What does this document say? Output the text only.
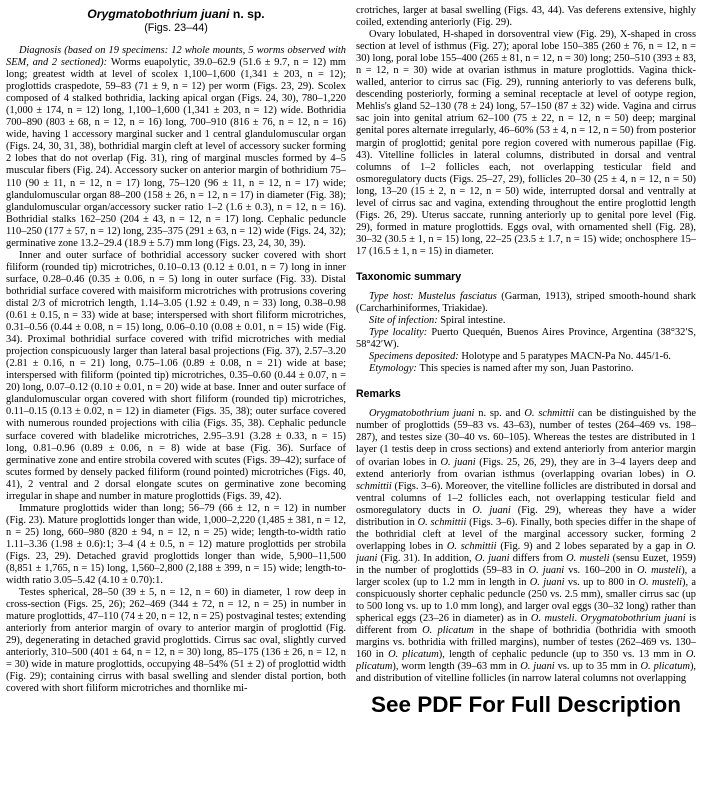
Orygmatobothrium juani n. sp.
(Figs. 23–44)

Diagnosis (based on 19 specimens: 12 whole mounts, 5 worms observed with SEM, and 2 sectioned): Worms euapolytic, 39.0–62.9 (51.6 ± 9.7, n = 12) mm long; greatest width at level of scolex 1,100–1,600 (1,341 ± 203, n = 12); proglottids craspedote, 59–83 (71 ± 9, n = 12) per worm (Figs. 23, 29). Scolex composed of 4 stalked bothridia, lacking apical organ (Figs. 24, 30), 780–1,220 (1,000 ± 174, n = 12) long, 1,100–1,600 (1,341 ± 203, n = 12) wide. Bothridia 700–890 (803 ± 68, n = 12, n = 16) long, 700–910 (816 ± 76, n = 12, n = 16) wide, having 1 accessory marginal sucker and 1 central glandulomuscular organ (Figs. 24, 30, 31, 38), bothridial margin cleft at level of accessory sucker forming 2 lobes that do not overlap (Fig. 31), ring of marginal muscles formed by 4–5 muscular fibers (Fig. 24). Accessory sucker on anterior margin of bothridium 75–110 (90 ± 11, n = 12, n = 17) long, 75–120 (96 ± 11, n = 12, n = 17) wide; glandulomuscular organ 88–200 (158 ± 26, n = 12, n = 17) in diameter (Fig. 38); glandulomuscular organ/accessory sucker ratio 1–2 (1.6 ± 0.3), n = 12, n = 16). Bothridial stalks 162–250 (204 ± 43, n = 12, n = 17) long. Cephalic peduncle 110–250 (177 ± 57, n = 12) long, 235–375 (291 ± 63, n = 12) wide (Figs. 24, 32); germinative zone 13.2–29.4 (18.9 ± 5.7) mm long (Figs. 23, 24, 30, 39).

Inner and outer surface of bothridial accessory sucker covered with short filiform (rounded tip) microtriches, 0.10–0.13 (0.12 ± 0.01, n = 7) long in inner surface, 0.28–0.46 (0.35 ± 0.06, n = 5) long in outer surface (Fig. 33). Distal bothridial surface covered with maisiform microtriches with protrusions covering distal 2/3 of microtrich length, 1.14–3.05 (1.92 ± 0.49, n = 33) long, 0.38–0.98 (0.61 ± 0.15, n = 33) wide at base; interspersed with short filiform microtriches, 0.31–0.56 (0.44 ± 0.08, n = 15) long, 0.06–0.10 (0.08 ± 0.01, n = 15) wide (Fig. 34). Proximal bothridial surface covered with trifid microtriches with medial projection conspicuously larger than lateral basal projections (Fig. 37), 2.57–3.20 (2.81 ± 0.16, n = 21) long, 0.75–1.06 (0.89 ± 0.08, n = 21) wide at base; interspersed with filiform (pointed tip) microtriches, 0.35–0.60 (0.44 ± 0.07, n = 20) long, 0.07–0.12 (0.10 ± 0.01, n = 20) wide at base. Inner and outer surface of glandulomuscular organ covered with short filiform (rounded tip) microtriches, 0.11–0.15 (0.13 ± 0.02, n = 12) in diameter (Figs. 35, 38); outer surface covered with numerous rounded projections with cilia (Figs. 35, 38). Cephalic peduncle surface covered with bladelike microtriches, 2.95–3.91 (3.28 ± 0.33, n = 15) long, 0.81–0.96 (0.89 ± 0.06, n = 8) wide at base (Fig. 36). Surface of germinative zone and entire strobila covered with scutes (Figs. 39–42); surface of scutes formed by densely packed filiform (round pointed) microtriches (Figs. 40, 41), 2 ventral and 2 dorsal elongate scutes on germinative zone becoming irregular in shape and number in mature proglottids (Figs. 39, 42).

Immature proglottids wider than long; 56–79 (66 ± 12, n = 12) in number (Fig. 23). Mature proglottids longer than wide, 1,000–2,220 (1,485 ± 381, n = 12, n = 25) long, 660–980 (820 ± 94, n = 12, n = 25) wide; length-to-width ratio 1.11–3.36 (1.98 ± 0.6):1; 3–4 (4 ± 0.5, n = 12) mature proglottids per strobila (Figs. 23, 29). Detached gravid proglottids longer than wide, 5,900–11,500 (8,851 ± 1,765, n = 15) long, 1,560–2,800 (2,188 ± 399, n = 15) wide; length-to-width ratio 3.05–5.42 (4.10 ± 0.70):1.

Testes spherical, 28–50 (39 ± 5, n = 12, n = 60) in diameter, 1 row deep in cross-section (Figs. 25, 26); 262–469 (344 ± 72, n = 12, n = 25) in number in mature proglottids, 47–110 (74 ± 20, n = 12, n = 25) postvaginal testes; extending anteriorly from anterior margin of ovary to anterior margin of proglottid (Fig. 29), degenerating in detached gravid proglottids. Cirrus sac oval, slightly curved anteriorly, 310–500 (401 ± 64, n = 12, n = 30) long, 85–175 (136 ± 26, n = 12, n = 30) wide in mature proglottids, occupying 48–54% (51 ± 2) of proglottid width (Fig. 29); containing cirrus with basal swelling and slender distal portion, both covered with short filiform microtriches and thornlike mi-

crotriches, larger at basal swelling (Figs. 43, 44). Vas deferens extensive, highly coiled, extending anteriorly (Fig. 29).

Ovary lobulated, H-shaped in dorsoventral view (Fig. 29), X-shaped in cross section at level of isthmus (Fig. 27); aporal lobe 150–385 (260 ± 76, n = 12, n = 30) long, poral lobe 155–400 (265 ± 81, n = 12, n = 30) long; 250–510 (393 ± 83, n = 12, n = 30) wide at ovarian isthmus in mature proglottids. Vagina thick-walled, anterior to cirrus sac (Fig. 29), running anteriorly to vas deferens bulk, descending posteriorly, forming a seminal receptacle at level of ootype region, Mehlis's gland 52–130 (78 ± 24) long, 57–150 (87 ± 32) wide. Vagina and cirrus sac join into genital atrium 62–100 (75 ± 22, n = 12, n = 50) deep; marginal genital pores alternate irregularly, 46–60% (53 ± 4, n = 12, n = 50) from posterior margin of proglottid; genital pore region covered with numerous papillae (Fig. 43). Vitelline follicles in lateral columns, distributed in dorsal and ventral columns of 1–2 follicles each, not overlapping testicular field and osmoregulatory ducts (Figs. 25–27, 29), follicles 20–30 (25 ± 4, n = 12, n = 50) long, 13–20 (15 ± 2, n = 12, n = 50) wide, interrupted dorsal and ventrally at level of cirrus sac and vagina, extending throughout the entire proglottid length (Figs. 26, 29). Uterus saccate, running anteriorly up to genital pore level (Fig. 29), formed in mature proglottids. Eggs oval, with ornamented shell (Fig. 28), 30–32 (30.5 ± 1, n = 15) long, 22–25 (23.5 ± 1.7, n = 15) wide; onchosphere 15–17 (16.5 ± 1, n = 15) in diameter.

Taxonomic summary

Type host: Mustelus fasciatus (Garman, 1913), striped smooth-hound shark (Carcharhiniformes, Triakidae).

Site of infection: Spiral intestine.

Type locality: Puerto Quequén, Buenos Aires Province, Argentina (38°32′S, 58°42′W).

Specimens deposited: Holotype and 5 paratypes MACN-Pa No. 445/1-6.

Etymology: This species is named after my son, Juan Pastorino.

Remarks

Orygmatobothrium juani n. sp. and O. schmittii can be distinguished by the number of proglottids (59–83 vs. 43–63), number of testes (264–469 vs. 198–287), and testes size (30–40 vs. 60–105). Whereas the testes are distributed in 1 layer (1 testis deep in cross sections) and extend anteriorly from anterior margin of ovarian lobes in O. juani (Figs. 25, 26, 29), they are in 3–4 layers deep and extend anteriorly from ovarian isthmus (overlapping ovarian lobes) in O. schmittii (Figs. 3–6). Moreover, the vitelline follicles are distributed in dorsal and ventral columns of 1–2 follicles each, not overlapping testicular field and osmoregulatory ducts in O. juani (Fig. 29), whereas they have a wider distribution in O. schmittii (Figs. 3–6). Finally, both species differ in the shape of the bothridial cleft at level of the marginal accessory sucker, forming 2 overlapping lobes in O. schmittii (Fig. 9) and 2 lobes separated by a gap in O. juani (Fig. 31). In addition, O. juani differs from O. musteli (sensu Euzet, 1959) in the number of proglottids (59–83 in O. juani vs. 160–200 in O. musteli), a larger scolex (up to 1.2 mm in length in O. juani vs. up to 800 in O. musteli), a conspicuously shorter cephalic peduncle (250 vs. 2.5 mm), smaller cirrus sac (up to 500 long vs. up to 1.0 mm long), and larger oval eggs (30–32 long) rather than spherical eggs (23–26 in diameter) as in O. musteli. Orygmatobothrium juani is different from O. plicatum in the shape of bothridia (bothridia with smooth margins vs. bothridia with frilled margins), number of testes (262–469 vs. 130–160 in O. plicatum), length of cephalic peduncle (up to 350 vs. 13 mm in O. plicatum), worm length (39–63 mm in O. juani vs. up to 35 mm in O. plicatum), and distribution of vitelline follicles (in narrow lateral columns not overlapping

See PDF For Full Description
